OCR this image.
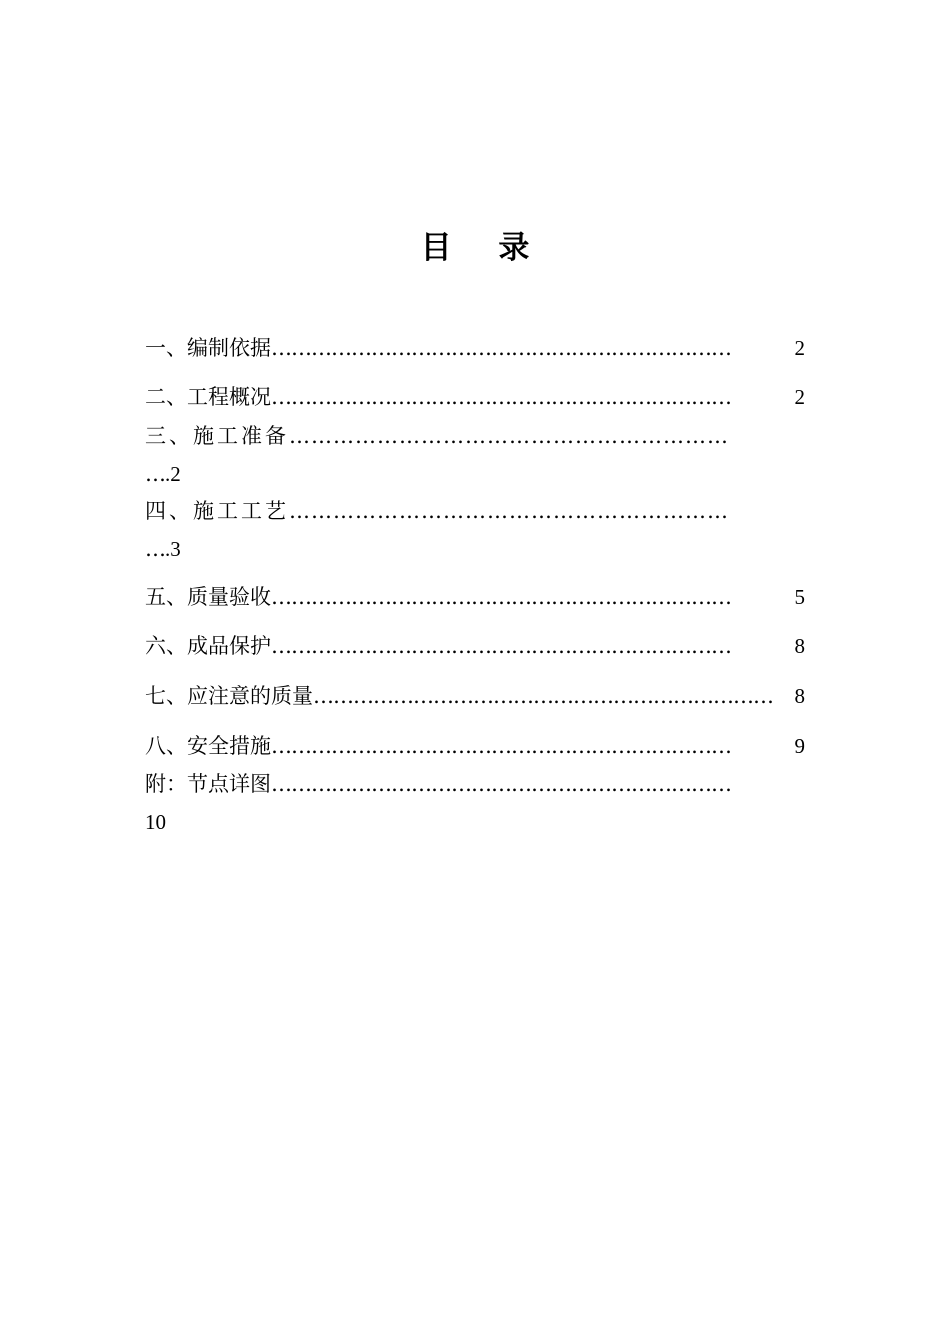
目 录
一、编制依据 ……………………………………………………………	2
二、工程概况 ……………………………………………………………	2
三、施工准备 ……………………………………………………
….2
四、施工工艺 ……………………………………………………
….3
五、质量验收 ……………………………………………………………	5
六、成品保护 ……………………………………………………………	8
七、应注意的质量 ……………………………………………………………	8
八、安全措施 ……………………………………………………………	9
附：节点详图 ……………………………………………………………
10
